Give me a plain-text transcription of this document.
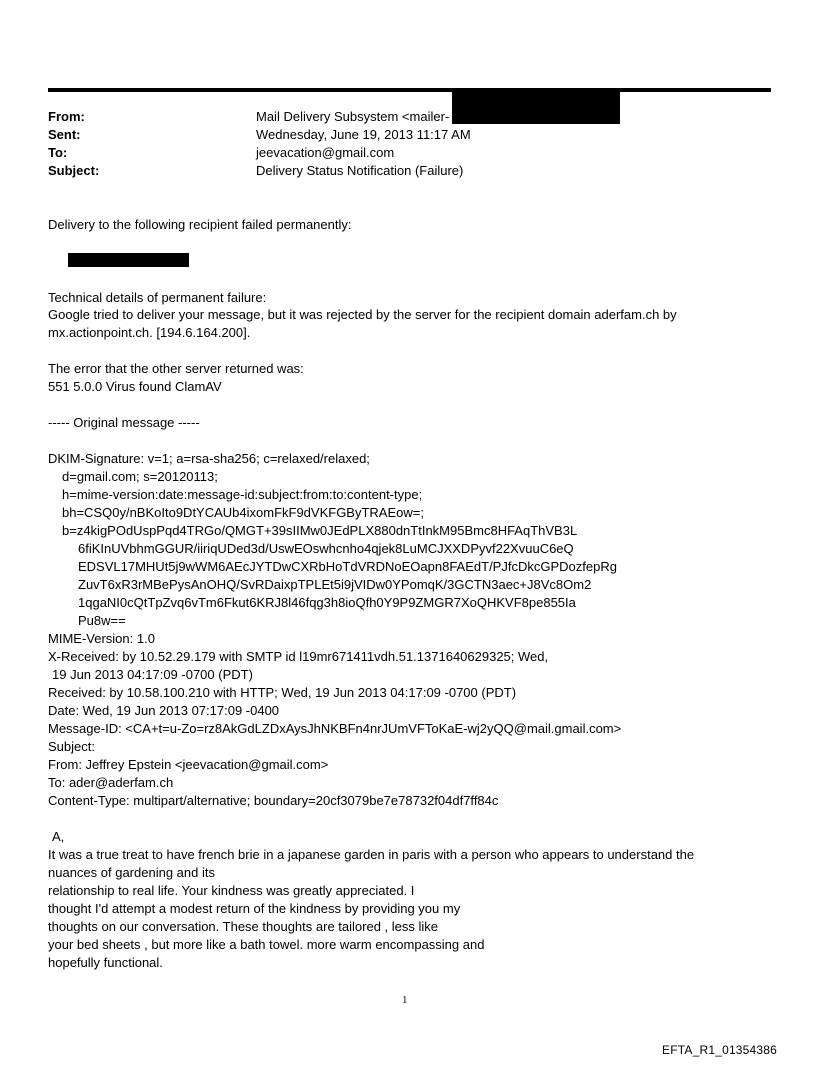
From:	Mail Delivery Subsystem <mailer-
Sent:	Wednesday, June 19, 2013 11:17 AM
To:	jeevacation@gmail.com
Subject:	Delivery Status Notification (Failure)
Delivery to the following recipient failed permanently:
Technical details of permanent failure:
Google tried to deliver your message, but it was rejected by the server for the recipient domain aderfam.ch by
mx.actionpoint.ch. [194.6.164.200].
The error that the other server returned was:
551 5.0.0 Virus found ClamAV
----- Original message -----
DKIM-Signature: v=1; a=rsa-sha256; c=relaxed/relaxed;
d=gmail.com; s=20120113;
h=mime-version:date:message-id:subject:from:to:content-type;
bh=CSQ0y/nBKoIto9DtYCAUb4ixomFkF9dVKFGByTRAEow=;
b=z4kigPOdUspPqd4TRGo/QMGT+39sIIMw0JEdPLX880dnTtInkM95Bmc8HFAqThVB3L
6fiKInUVbhmGGUR/iiriqUDed3d/UswEOswhcnho4qjek8LuMCJXXDPyvf22XvuuC6eQ
EDSVL17MHUt5j9wWM6AEcJYTDwCXRbHoTdVRDNoEOapn8FAEdT/PJfcDkcGPDozfepRg
ZuvT6xR3rMBePysAnOHQ/SvRDaixpTPLEt5i9jVIDw0YPomqK/3GCTN3aec+J8Vc8Om2
1qgaNI0cQtTpZvq6vTm6Fkut6KRJ8l46fqg3h8ioQfh0Y9P9ZMGR7XoQHKVF8pe855Ia
Pu8w==
MIME-Version: 1.0
X-Received: by 10.52.29.179 with SMTP id l19mr671411vdh.51.1371640629325; Wed,
19 Jun 2013 04:17:09 -0700 (PDT)
Received: by 10.58.100.210 with HTTP; Wed, 19 Jun 2013 04:17:09 -0700 (PDT)
Date: Wed, 19 Jun 2013 07:17:09 -0400
Message-ID: <CA+t=u-Zo=rz8AkGdLZDxAysJhNKBFn4nrJUmVFToKaE-wj2yQQ@mail.gmail.com>
Subject:
From: Jeffrey Epstein <jeevacation@gmail.com>
To: ader@aderfam.ch
Content-Type: multipart/alternative; boundary=20cf3079be7e78732f04df7ff84c
A,
It was a true treat to have french brie in a japanese garden in paris with a person who appears to understand the
nuances of gardening and its
relationship to real life. Your kindness was greatly appreciated. I
thought I'd attempt a modest return of the kindness by providing you my
thoughts on our conversation. These thoughts are tailored , less like
your bed sheets , but more like a bath towel. more warm encompassing and
hopefully functional.
1
EFTA_R1_01354386
